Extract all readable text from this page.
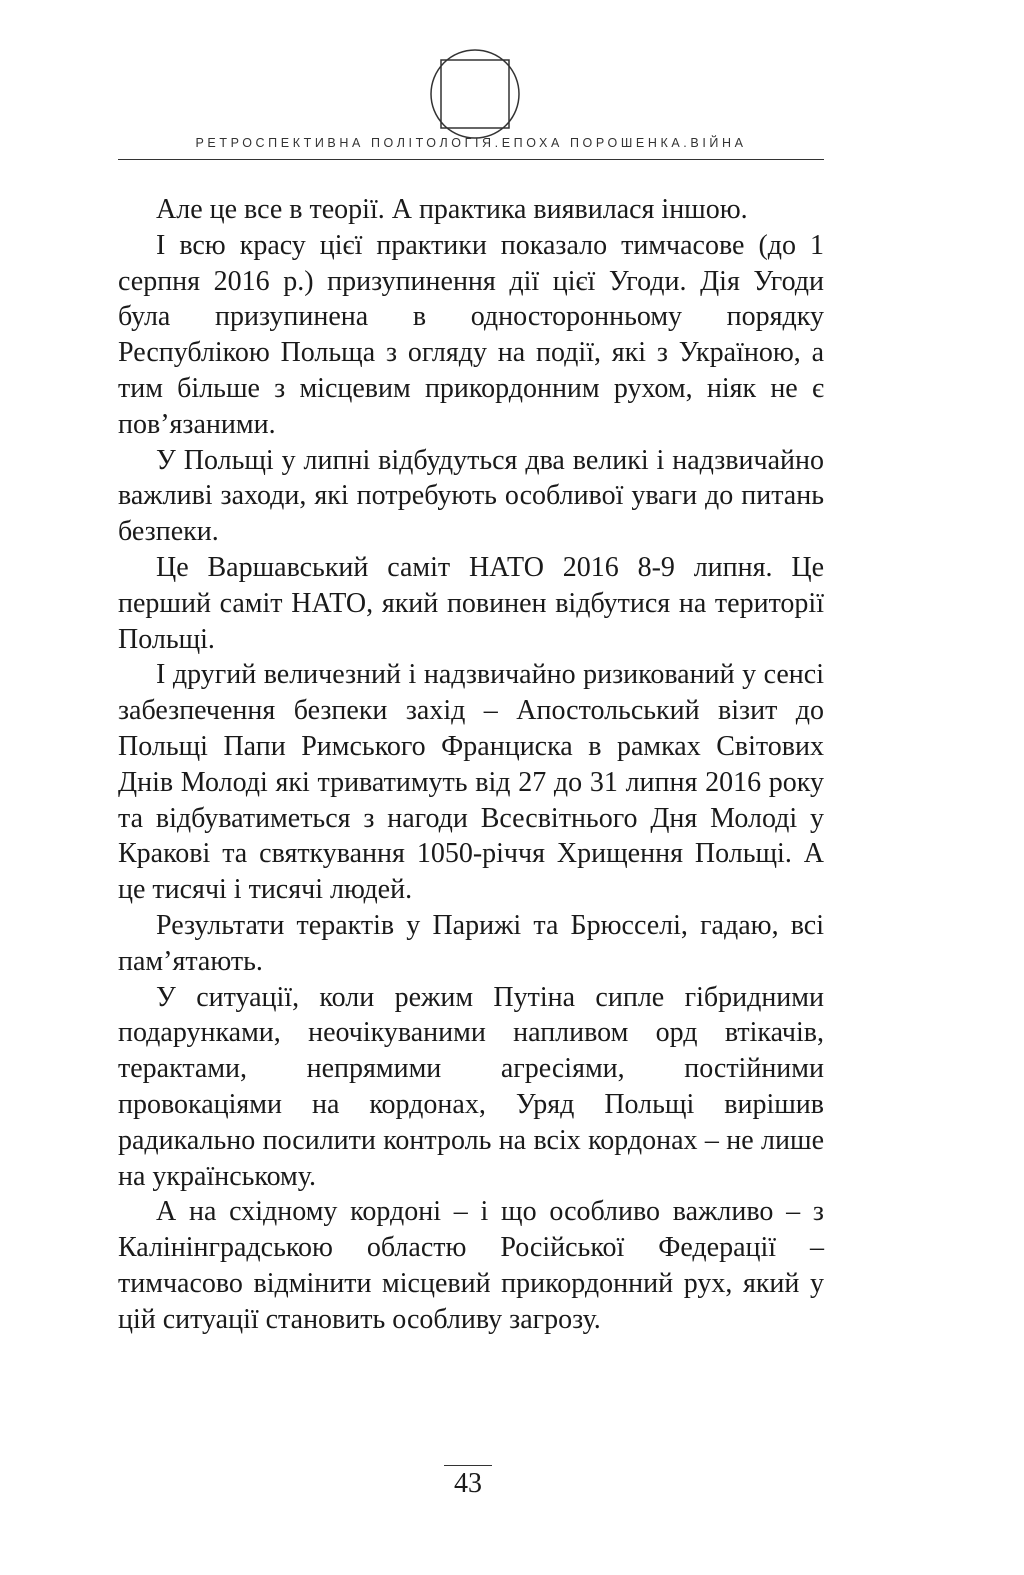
РЕТРОСПЕКТИВНА ПОЛІТОЛОГІЯ.ЕПОХА ПОРОШЕНКА.ВІЙНА

Але це все в теорії. А практика виявилася іншою.

І всю красу цієї практики показало тимчасове (до 1 серпня 2016 р.) призупинення дії цієї Угоди. Дія Угоди була призупинена в односторонньому порядку Республікою Польща з огляду на події, які з Україною, а тим більше з місцевим прикордонним рухом, ніяк не є пов’язаними.

У Польщі у липні відбудуться два великі і надзвичайно важливі заходи, які потребують особливої уваги до питань безпеки.

Це Варшавський саміт НАТО 2016 8-9 липня. Це перший саміт НАТО, який повинен відбутися на території Польщі.

І другий величезний і надзвичайно ризикований у сенсі забезпечення безпеки захід – Апостольський візит до Польщі Папи Римського Франциска в рамках Світових Днів Молоді які триватимуть від 27 до 31 липня 2016 року та відбуватиметься з нагоди Всесвітнього Дня Молоді у Кракові та святкування 1050-річчя Хрищення Польщі. А це тисячі і тисячі людей.

Результати терактів у Парижі та Брюсселі, гадаю, всі пам’ятають.

У ситуації, коли режим Путіна сипле гібридними подарунками, неочікуваними напливом орд втікачів, терактами, непрямими агресіями, постійними провокаціями на кордонах, Уряд Польщі вирішив радикально посилити контроль на всіх кордонах – не лише на українському.

А на східному кордоні – і що особливо важливо – з Калінінградською областю Російської Федерації – тимчасово відмінити місцевий прикордонний рух, який у цій ситуації становить особливу загрозу.

43
